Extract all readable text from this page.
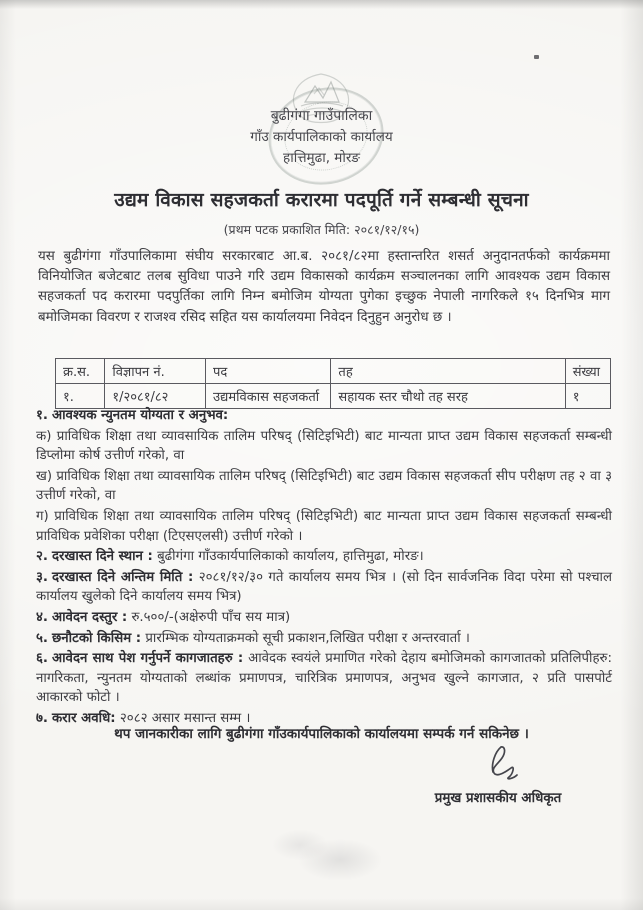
बुढीगंगा गाउँपालिका
गाँउ कार्यपालिकाको कार्यालय
हात्तिमुढा, मोरङ
उद्यम विकास सहजकर्ता करारमा पदपूर्ति गर्ने सम्बन्धी सूचना
(प्रथम पटक प्रकाशित मिति: २०८१/१२/१५)

यस बुढीगंगा गाँउपालिकामा संघीय सरकारबाट आ.ब. २०८१/८२मा हस्तान्तरित शसर्त अनुदानतर्फको कार्यक्रममा विनियोजित बजेटबाट तलब सुविधा पाउने गरि उद्यम विकासको कार्यक्रम सञ्चालनका लागि आवश्यक उद्यम विकास सहजकर्ता पद करारमा पदपुर्तिका लागि निम्न बमोजिम योग्यता पुगेका इच्छुक नेपाली नागरिकले १५ दिनभित्र माग बमोजिमका विवरण र राजश्व रसिद सहित यस कार्यालयमा निवेदन दिनुहुन अनुरोध छ ।

क्र.स.	विज्ञापन नं.	पद	तह	संख्या
१.	१/२०८१/८२	उद्यमविकास सहजकर्ता	सहायक स्तर चौथो तह सरह	१
१. आवश्यक न्युनतम योग्यता र अनुभव:
क) प्राविधिक शिक्षा तथा व्यावसायिक तालिम परिषद् (सिटिइभिटी) बाट मान्यता प्राप्त उद्यम विकास सहजकर्ता सम्बन्धी डिप्लोमा कोर्ष उत्तीर्ण गरेको, वा
ख) प्राविधिक शिक्षा तथा व्यावसायिक तालिम परिषद् (सिटिइभिटी) बाट उद्यम विकास सहजकर्ता सीप परीक्षण तह २ वा ३ उत्तीर्ण गरेको, वा
ग) प्राविधिक शिक्षा तथा व्यावसायिक तालिम परिषद् (सिटिइभिटी) बाट मान्यता प्राप्त उद्यम विकास सहजकर्ता सम्बन्धी प्राविधिक प्रवेशिका परीक्षा (टिएसएलसी) उत्तीर्ण गरेको ।
२. दरखास्त दिने स्थान : बुढीगंगा गाँउकार्यपालिकाको कार्यालय, हात्तिमुढा, मोरङ।
३. दरखास्त दिने अन्तिम मिति : २०८१/१२/३० गते कार्यालय समय भित्र । (सो दिन सार्वजनिक विदा परेमा सो पश्चाल कार्यालय खुलेको दिने कार्यालय समय भित्र)
४. आवेदन दस्तुर : रु.५००/-(अक्षेरुपी पाँच सय मात्र)
५. छनौटको किसिम : प्रारम्भिक योग्यताक्रमको सूची प्रकाशन,लिखित परीक्षा र अन्तरवार्ता ।
६. आवेदन साथ पेश गर्नुपर्ने कागजातहरु : आवेदक स्वयंले प्रमाणित गरेको देहाय बमोजिमको कागजातको प्रतिलिपीहरु: नागरिकता, न्युनतम योग्यताको लब्धांक प्रमाणपत्र, चारित्रिक प्रमाणपत्र, अनुभव खुल्ने कागजात, २ प्रति पासपोर्ट आकारको फोटो ।
७. करार अवधि: २०८२ असार मसान्त सम्म ।
थप जानकारीका लागि बुढीगंगा गाँउकार्यपालिकाको कार्यालयमा सम्पर्क गर्न सकिनेछ ।
प्रमुख प्रशासकीय अधिकृत
